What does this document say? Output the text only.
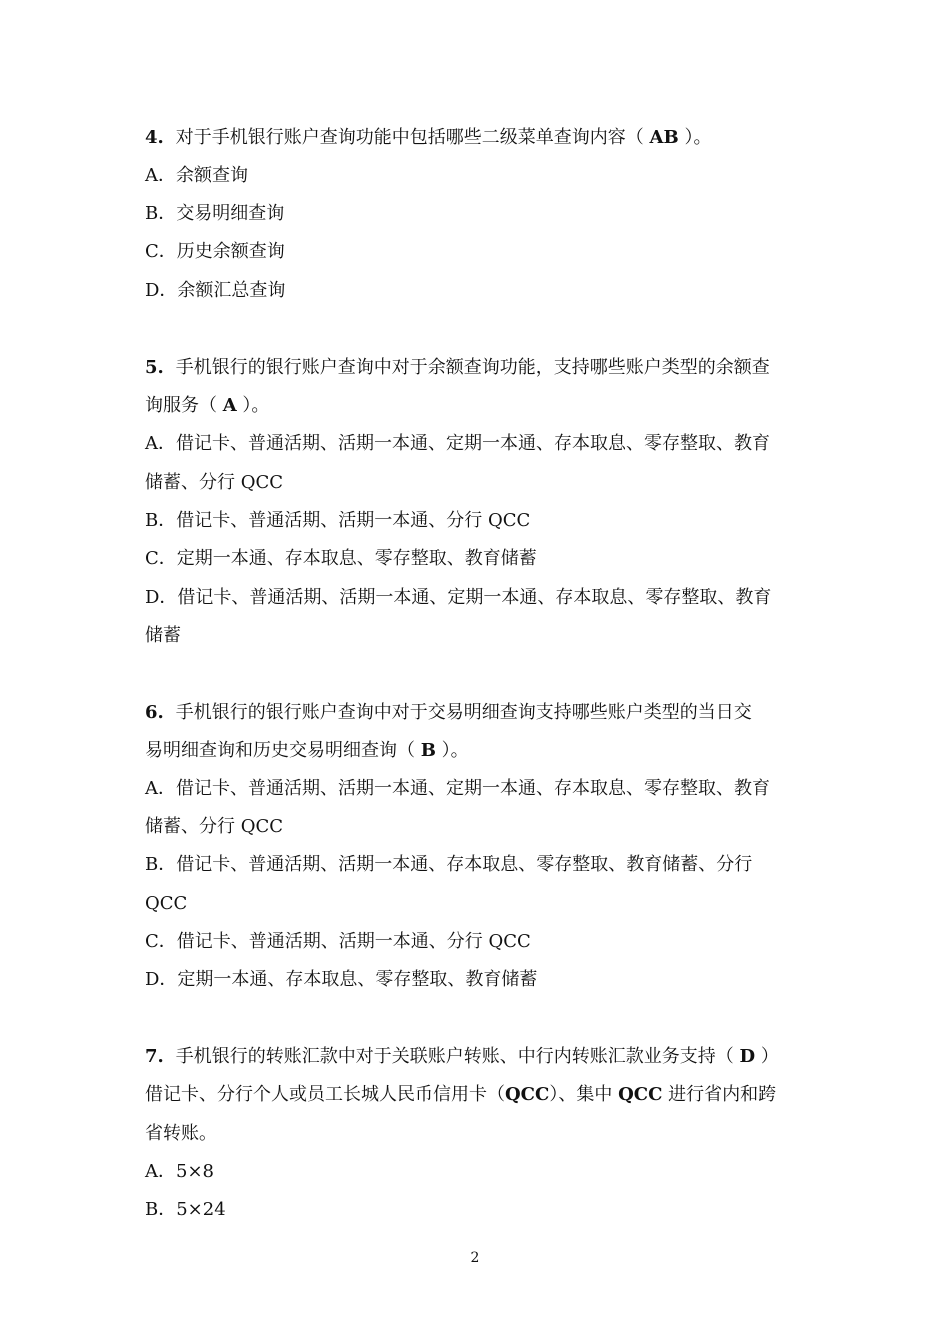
4. 对于手机银行账户查询功能中包括哪些二级菜单查询内容（ AB ）。
A．余额查询
B．交易明细查询
C．历史余额查询
D．余额汇总查询
5. 手机银行的银行账户查询中对于余额查询功能，支持哪些账户类型的余额查
询服务（ A ）。
A．借记卡、普通活期、活期一本通、定期一本通、存本取息、零存整取、教育
储蓄、分行 QCC
B．借记卡、普通活期、活期一本通、分行 QCC
C．定期一本通、存本取息、零存整取、教育储蓄
D．借记卡、普通活期、活期一本通、定期一本通、存本取息、零存整取、教育
储蓄
6. 手机银行的银行账户查询中对于交易明细查询支持哪些账户类型的当日交
易明细查询和历史交易明细查询（ B ）。
A．借记卡、普通活期、活期一本通、定期一本通、存本取息、零存整取、教育
储蓄、分行 QCC
B．借记卡、普通活期、活期一本通、存本取息、零存整取、教育储蓄、分行
QCC
C．借记卡、普通活期、活期一本通、分行 QCC
D．定期一本通、存本取息、零存整取、教育储蓄
7. 手机银行的转账汇款中对于关联账户转账、中行内转账汇款业务支持（ D ）
借记卡、分行个人或员工长城人民币信用卡（QCC）、集中 QCC 进行省内和跨
省转账。
A．5×8
B．5×24
2
